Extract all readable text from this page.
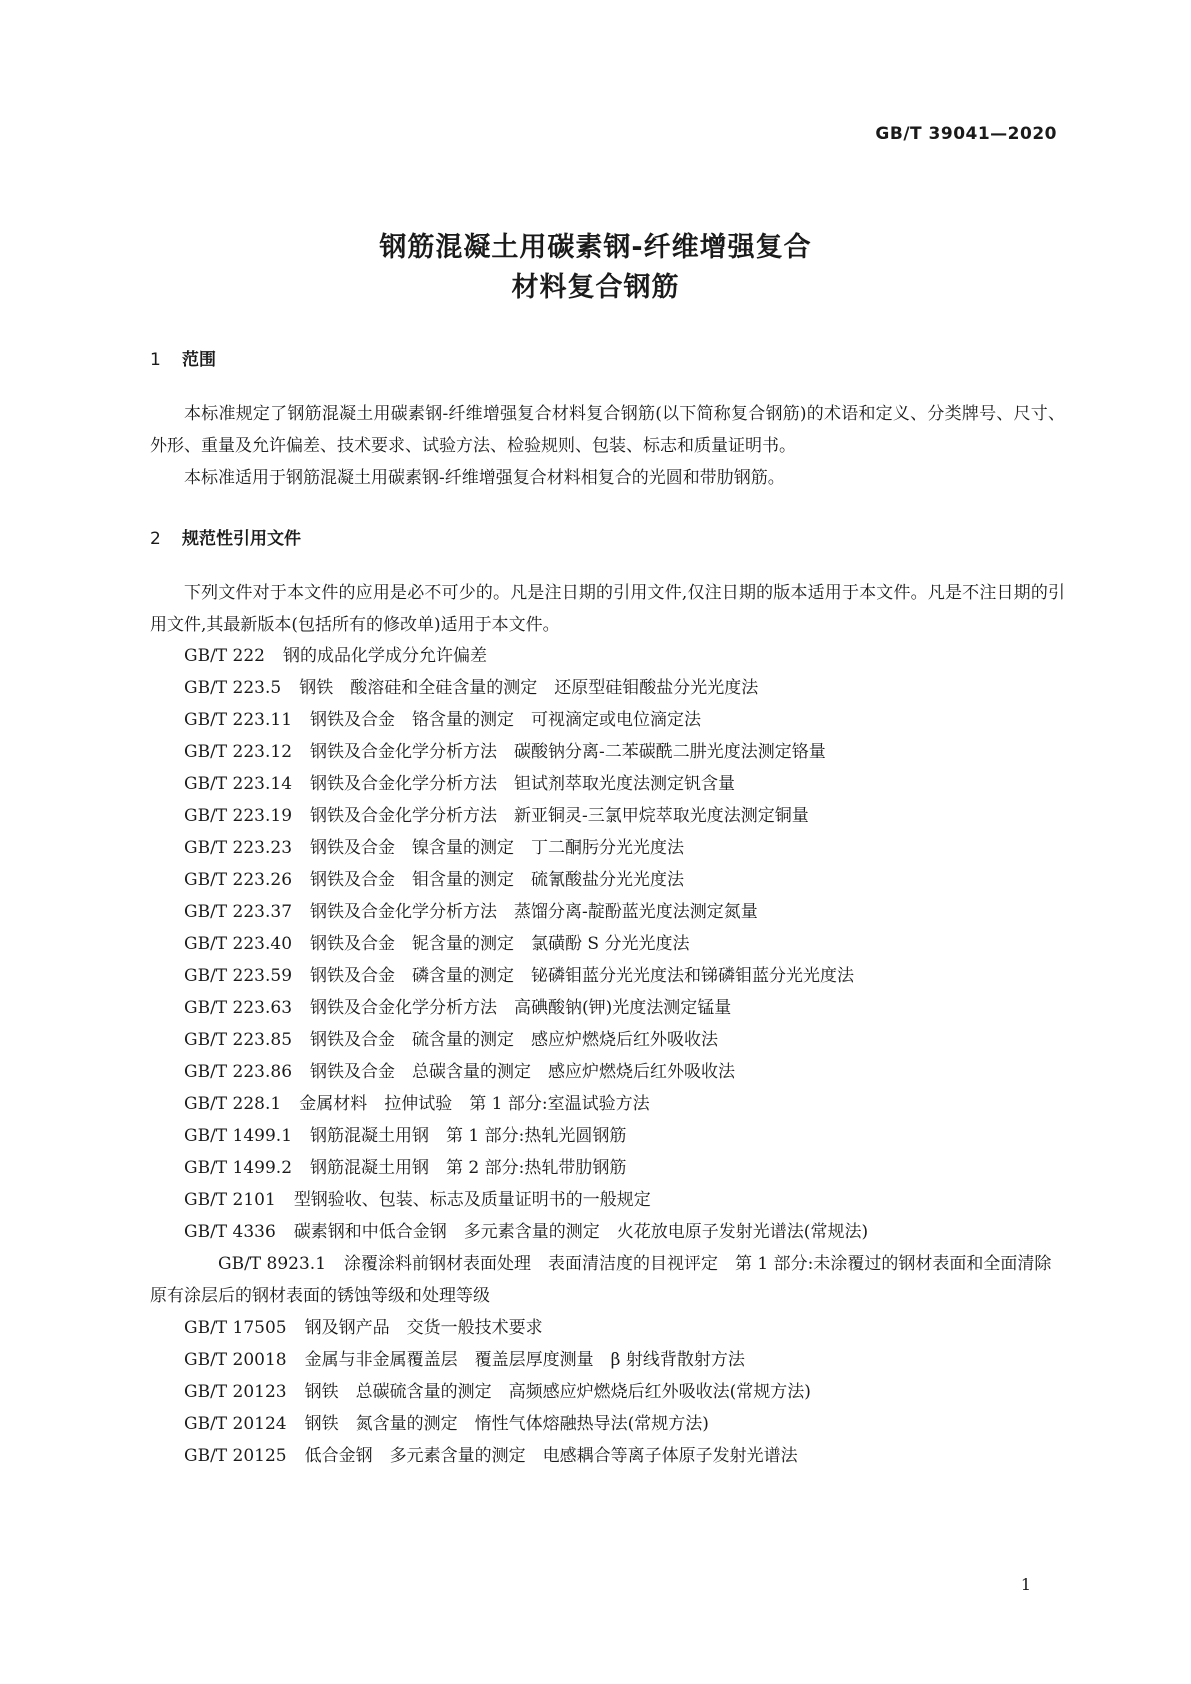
GB/T 39041—2020
钢筋混凝土用碳素钢-纤维增强复合
材料复合钢筋
1 范围

本标准规定了钢筋混凝土用碳素钢-纤维增强复合材料复合钢筋(以下简称复合钢筋)的术语和定义、分类牌号、尺寸、外形、重量及允许偏差、技术要求、试验方法、检验规则、包装、标志和质量证明书。

本标准适用于钢筋混凝土用碳素钢-纤维增强复合材料相复合的光圆和带肋钢筋。

2 规范性引用文件

下列文件对于本文件的应用是必不可少的。凡是注日期的引用文件,仅注日期的版本适用于本文件。凡是不注日期的引用文件,其最新版本(包括所有的修改单)适用于本文件。

GB/T 222 钢的成品化学成分允许偏差

GB/T 223.5 钢铁　酸溶硅和全硅含量的测定　还原型硅钼酸盐分光光度法

GB/T 223.11 钢铁及合金　铬含量的测定　可视滴定或电位滴定法

GB/T 223.12 钢铁及合金化学分析方法　碳酸钠分离-二苯碳酰二肼光度法测定铬量

GB/T 223.14 钢铁及合金化学分析方法　钽试剂萃取光度法测定钒含量

GB/T 223.19 钢铁及合金化学分析方法　新亚铜灵-三氯甲烷萃取光度法测定铜量

GB/T 223.23 钢铁及合金　镍含量的测定　丁二酮肟分光光度法

GB/T 223.26 钢铁及合金　钼含量的测定　硫氰酸盐分光光度法

GB/T 223.37 钢铁及合金化学分析方法　蒸馏分离-靛酚蓝光度法测定氮量

GB/T 223.40 钢铁及合金　铌含量的测定　氯磺酚 S 分光光度法

GB/T 223.59 钢铁及合金　磷含量的测定　铋磷钼蓝分光光度法和锑磷钼蓝分光光度法

GB/T 223.63 钢铁及合金化学分析方法　高碘酸钠(钾)光度法测定锰量

GB/T 223.85 钢铁及合金　硫含量的测定　感应炉燃烧后红外吸收法

GB/T 223.86 钢铁及合金　总碳含量的测定　感应炉燃烧后红外吸收法

GB/T 228.1 金属材料　拉伸试验　第 1 部分:室温试验方法

GB/T 1499.1 钢筋混凝土用钢　第 1 部分:热轧光圆钢筋

GB/T 1499.2 钢筋混凝土用钢　第 2 部分:热轧带肋钢筋

GB/T 2101 型钢验收、包装、标志及质量证明书的一般规定

GB/T 4336 碳素钢和中低合金钢　多元素含量的测定　火花放电原子发射光谱法(常规法)

GB/T 8923.1 涂覆涂料前钢材表面处理　表面清洁度的目视评定　第 1 部分:未涂覆过的钢材表面和全面清除原有涂层后的钢材表面的锈蚀等级和处理等级

GB/T 17505 钢及钢产品　交货一般技术要求

GB/T 20018 金属与非金属覆盖层　覆盖层厚度测量　β 射线背散射方法

GB/T 20123 钢铁　总碳硫含量的测定　高频感应炉燃烧后红外吸收法(常规方法)

GB/T 20124 钢铁　氮含量的测定　惰性气体熔融热导法(常规方法)

GB/T 20125 低合金钢　多元素含量的测定　电感耦合等离子体原子发射光谱法

1
